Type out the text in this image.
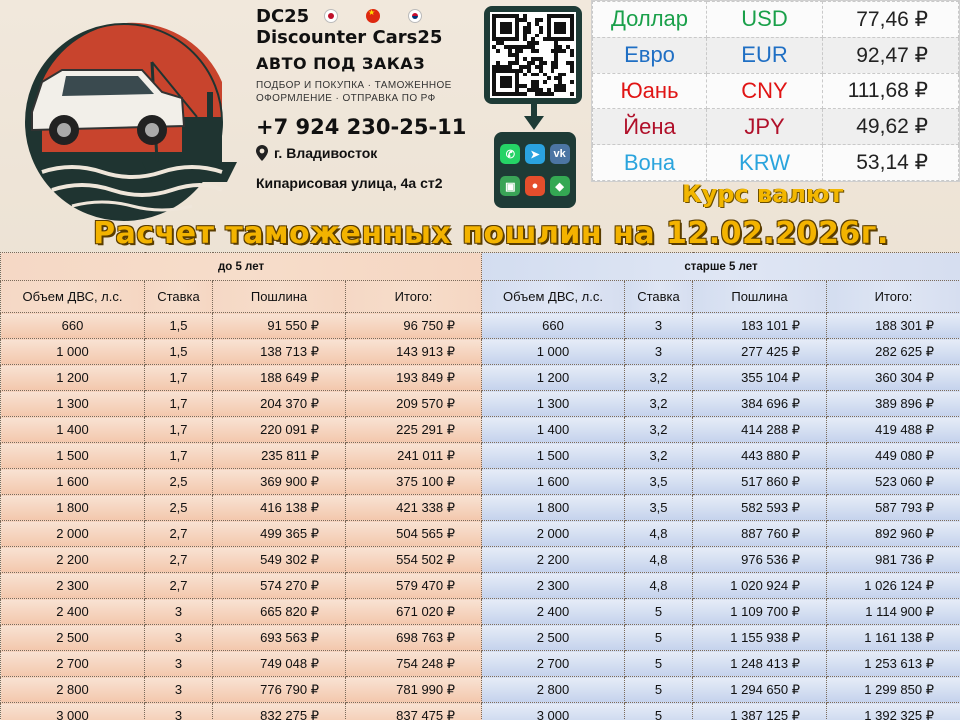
DC25
★
Discounter Cars25
АВТО ПОД ЗАКАЗ
ПОДБОР И ПОКУПКА · ТАМОЖЕННОЕ
ОФОРМЛЕНИЕ · ОТПРАВКА ПО РФ
+7 924 230-25-11
г. Владивосток
Кипарисовая улица, 4а ст2
✆	➤	vk
▣	●	◆
Доллар	USD	77,46 ₽
Евро	EUR	92,47 ₽
Юань	CNY	111,68 ₽
Йена	JPY	49,62 ₽
Вона	KRW	53,14 ₽
Курс валют
Расчет таможенных пошлин на 12.02.2026г.
до 5 лет			
Объем ДВС, л.с.	Ставка	Пошлина	Итого:
660	1,5	91 550 ₽	96 750 ₽
1 000	1,5	138 713 ₽	143 913 ₽
1 200	1,7	188 649 ₽	193 849 ₽
1 300	1,7	204 370 ₽	209 570 ₽
1 400	1,7	220 091 ₽	225 291 ₽
1 500	1,7	235 811 ₽	241 011 ₽
1 600	2,5	369 900 ₽	375 100 ₽
1 800	2,5	416 138 ₽	421 338 ₽
2 000	2,7	499 365 ₽	504 565 ₽
2 200	2,7	549 302 ₽	554 502 ₽
2 300	2,7	574 270 ₽	579 470 ₽
2 400	3	665 820 ₽	671 020 ₽
2 500	3	693 563 ₽	698 763 ₽
2 700	3	749 048 ₽	754 248 ₽
2 800	3	776 790 ₽	781 990 ₽
3 000	3	832 275 ₽	837 475 ₽
старше 5 лет			
Объем ДВС, л.с.	Ставка	Пошлина	Итого:
660	3	183 101 ₽	188 301 ₽
1 000	3	277 425 ₽	282 625 ₽
1 200	3,2	355 104 ₽	360 304 ₽
1 300	3,2	384 696 ₽	389 896 ₽
1 400	3,2	414 288 ₽	419 488 ₽
1 500	3,2	443 880 ₽	449 080 ₽
1 600	3,5	517 860 ₽	523 060 ₽
1 800	3,5	582 593 ₽	587 793 ₽
2 000	4,8	887 760 ₽	892 960 ₽
2 200	4,8	976 536 ₽	981 736 ₽
2 300	4,8	1 020 924 ₽	1 026 124 ₽
2 400	5	1 109 700 ₽	1 114 900 ₽
2 500	5	1 155 938 ₽	1 161 138 ₽
2 700	5	1 248 413 ₽	1 253 613 ₽
2 800	5	1 294 650 ₽	1 299 850 ₽
3 000	5	1 387 125 ₽	1 392 325 ₽
